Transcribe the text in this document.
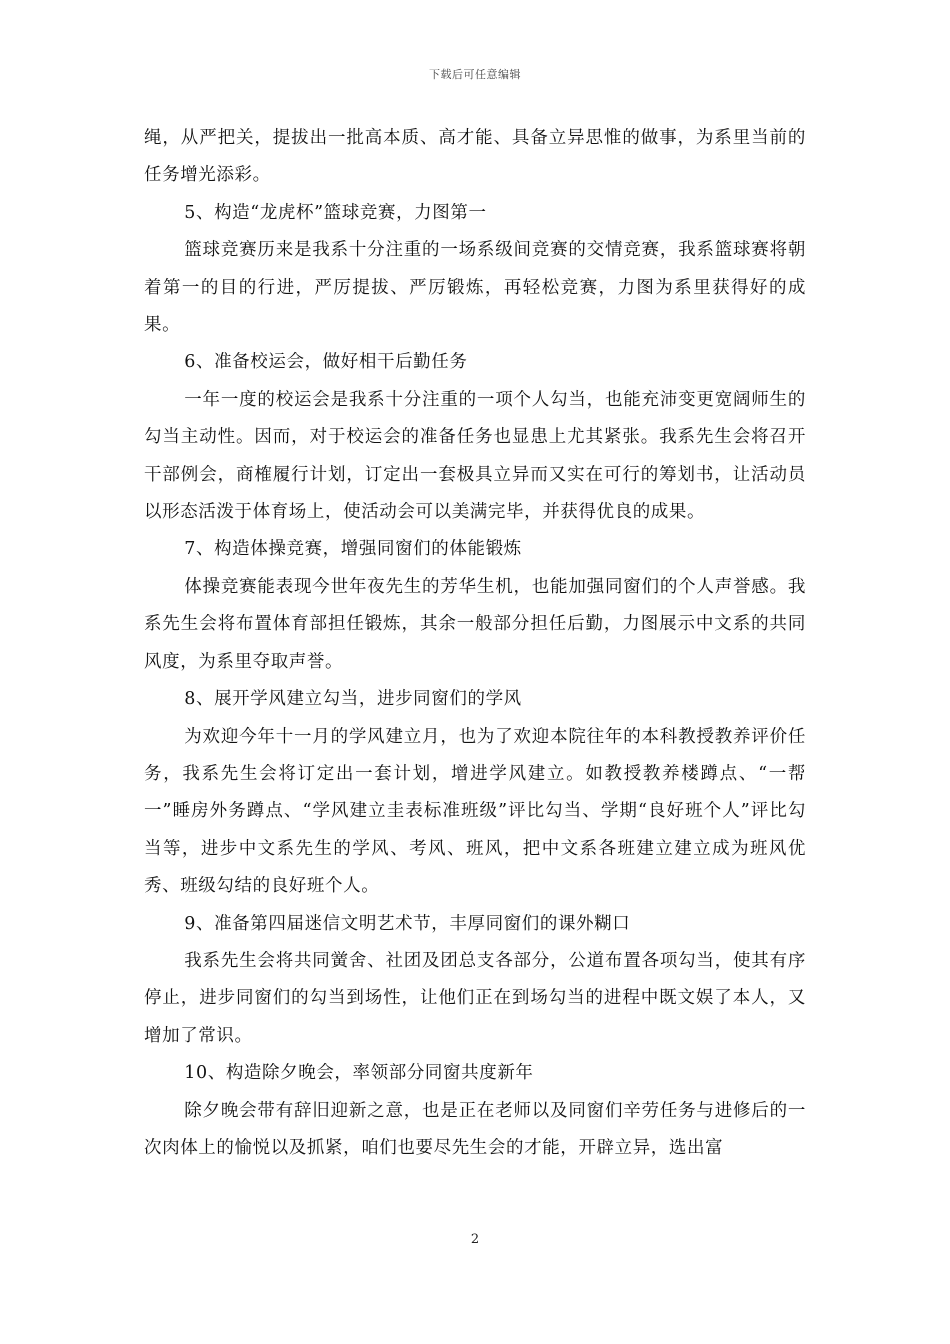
下载后可任意编辑

绳，从严把关，提拔出一批高本质、高才能、具备立异思惟的做事，为系里当前的任务增光添彩。

5、构造“龙虎杯”篮球竞赛，力图第一

篮球竞赛历来是我系十分注重的一场系级间竞赛的交情竞赛，我系篮球赛将朝着第一的目的行进，严厉提拔、严厉锻炼，再轻松竞赛，力图为系里获得好的成果。

6、准备校运会，做好相干后勤任务

一年一度的校运会是我系十分注重的一项个人勾当，也能充沛变更宽阔师生的勾当主动性。因而，对于校运会的准备任务也显患上尤其紧张。我系先生会将召开干部例会，商榷履行计划，订定出一套极具立异而又实在可行的筹划书，让活动员以形态活泼于体育场上，使活动会可以美满完毕，并获得优良的成果。

7、构造体操竞赛，增强同窗们的体能锻炼

体操竞赛能表现今世年夜先生的芳华生机，也能加强同窗们的个人声誉感。我系先生会将布置体育部担任锻炼，其余一般部分担任后勤，力图展示中文系的共同风度，为系里夺取声誉。

8、展开学风建立勾当，进步同窗们的学风

为欢迎今年十一月的学风建立月，也为了欢迎本院往年的本科教授教养评价任务，我系先生会将订定出一套计划，增进学风建立。如教授教养楼蹲点、“一帮一”睡房外务蹲点、“学风建立圭表标准班级”评比勾当、学期“良好班个人”评比勾当等，进步中文系先生的学风、考风、班风，把中文系各班建立建立成为班风优秀、班级勾结的良好班个人。

9、准备第四届迷信文明艺术节，丰厚同窗们的课外糊口

我系先生会将共同黉舍、社团及团总支各部分，公道布置各项勾当，使其有序停止，进步同窗们的勾当到场性，让他们正在到场勾当的进程中既文娱了本人，又增加了常识。

10、构造除夕晚会，率领部分同窗共度新年

除夕晚会带有辞旧迎新之意，也是正在老师以及同窗们辛劳任务与进修后的一次肉体上的愉悦以及抓紧，咱们也要尽先生会的才能，开辟立异，选出富

2
